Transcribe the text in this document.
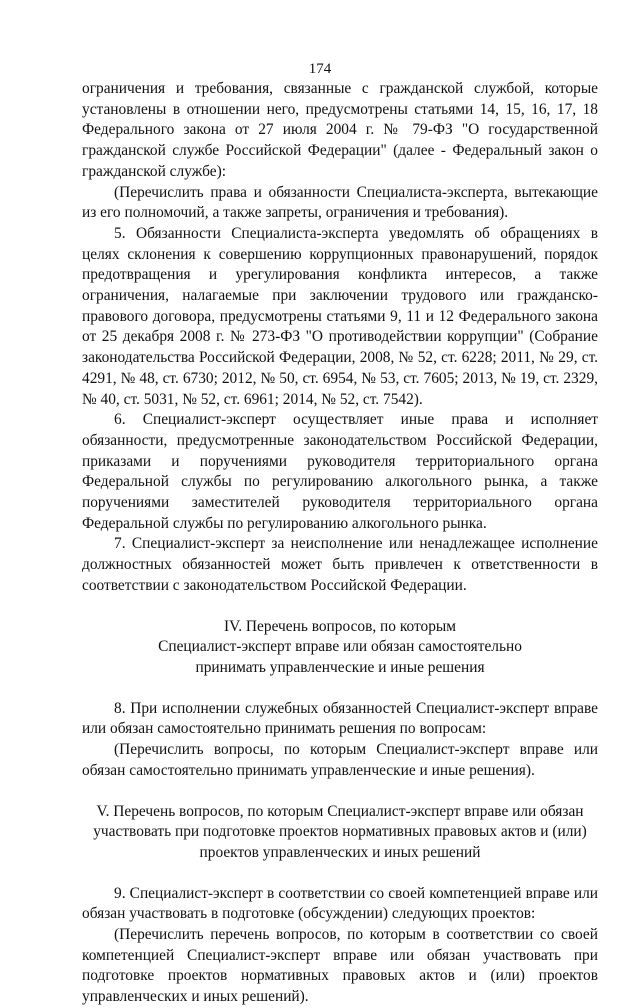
174

ограничения и требования, связанные с гражданской службой, которые установлены в отношении него, предусмотрены статьями 14, 15, 16, 17, 18 Федерального закона от 27 июля 2004 г. № 79-ФЗ "О государственной гражданской службе Российской Федерации" (далее - Федеральный закон о гражданской службе):

(Перечислить права и обязанности Специалиста-эксперта, вытекающие из его полномочий, а также запреты, ограничения и требования).

5. Обязанности Специалиста-эксперта уведомлять об обращениях в целях склонения к совершению коррупционных правонарушений, порядок предотвращения и урегулирования конфликта интересов, а также ограничения, налагаемые при заключении трудового или гражданско-правового договора, предусмотрены статьями 9, 11 и 12 Федерального закона от 25 декабря 2008 г. № 273-ФЗ "О противодействии коррупции" (Собрание законодательства Российской Федерации, 2008, № 52, ст. 6228; 2011, № 29, ст. 4291, № 48, ст. 6730; 2012, № 50, ст. 6954, № 53, ст. 7605; 2013, № 19, ст. 2329, № 40, ст. 5031, № 52, ст. 6961; 2014, № 52, ст. 7542).

6. Специалист-эксперт осуществляет иные права и исполняет обязанности, предусмотренные законодательством Российской Федерации, приказами и поручениями руководителя территориального органа Федеральной службы по регулированию алкогольного рынка, а также поручениями заместителей руководителя территориального органа Федеральной службы по регулированию алкогольного рынка.

7. Специалист-эксперт за неисполнение или ненадлежащее исполнение должностных обязанностей может быть привлечен к ответственности в соответствии с законодательством Российской Федерации.

IV. Перечень вопросов, по которым
Специалист-эксперт вправе или обязан самостоятельно
принимать управленческие и иные решения

8. При исполнении служебных обязанностей Специалист-эксперт вправе или обязан самостоятельно принимать решения по вопросам:

(Перечислить вопросы, по которым Специалист-эксперт вправе или обязан самостоятельно принимать управленческие и иные решения).

V. Перечень вопросов, по которым Специалист-эксперт вправе или обязан
участвовать при подготовке проектов нормативных правовых актов и (или)
проектов управленческих и иных решений

9. Специалист-эксперт в соответствии со своей компетенцией вправе или обязан участвовать в подготовке (обсуждении) следующих проектов:

(Перечислить перечень вопросов, по которым в соответствии со своей компетенцией Специалист-эксперт вправе или обязан участвовать при подготовке проектов нормативных правовых актов и (или) проектов управленческих и иных решений).
